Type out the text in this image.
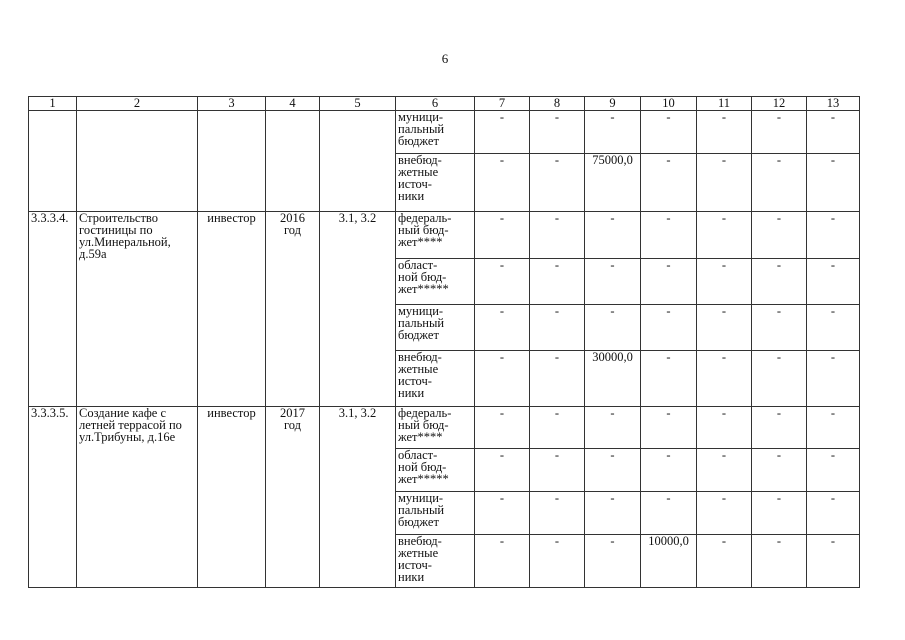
6
1	2	3	4	5	6	7	8	9	10	11	12	13
					муници-
пальный
бюджет	-	-	-	-	-	-	-
					внебюд-
жетные
источ-
ники	-	-	75000,0	-	-	-	-
3.3.3.4.	Строительство гостиницы по ул.Минеральной, д.59а	инвестор	2016
год	3.1, 3.2	федераль-
ный бюд-
жет****	-	-	-	-	-	-	-
					област-
ной бюд-
жет*****	-	-	-	-	-	-	-
					муници-
пальный
бюджет	-	-	-	-	-	-	-
					внебюд-
жетные
источ-
ники	-	-	30000,0	-	-	-	-
3.3.3.5.	Создание кафе с летней террасой по ул.Трибуны, д.16е	инвестор	2017
год	3.1, 3.2	федераль-
ный бюд-
жет****	-	-	-	-	-	-	-
					област-
ной бюд-
жет*****	-	-	-	-	-	-	-
					муници-
пальный
бюджет	-	-	-	-	-	-	-
					внебюд-
жетные
источ-
ники	-	-	-	10000,0	-	-	-
